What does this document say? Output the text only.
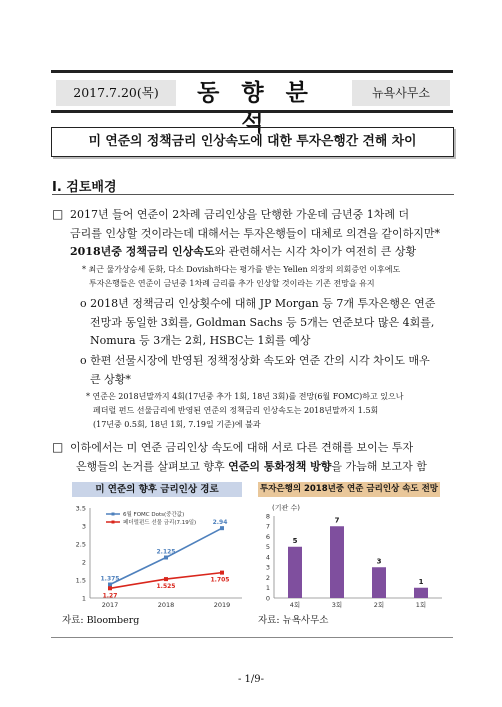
2017.7.20(목)	동 향 분 석
뉴욕사무소
미 연준의 정책금리 인상속도에 대한 투자은행간 견해 차이
Ⅰ. 검토배경
□ 2017년 들어 연준이 2차례 금리인상을 단행한 가운데 금년중 1차례 더
금리를 인상할 것이라는데 대해서는 투자은행들이 대체로 의견을 같이하지만*
2018년중 정책금리 인상속도와 관련해서는 시각 차이가 여전히 큰 상황
* 최근 물가상승세 둔화, 다소 Dovish하다는 평가를 받는 Yellen 의장의 의회증언 이후에도
투자은행들은 연준이 금년중 1차례 금리를 추가 인상할 것이라는 기존 전망을 유지
o 2018년 정책금리 인상횟수에 대해 JP Morgan 등 7개 투자은행은 연준
전망과 동일한 3회를, Goldman Sachs 등 5개는 연준보다 많은 4회를,
Nomura 등 3개는 2회, HSBC는 1회를 예상
o 한편 선물시장에 반영된 정책정상화 속도와 연준 간의 시각 차이도 매우
큰 상황*
* 연준은 2018년말까지 4회(17년중 추가 1회, 18년 3회)를 전망(6월 FOMC)하고 있으나
페더럴 펀드 선물금리에 반영된 연준의 정책금리 인상속도는 2018년말까지 1.5회
(17년중 0.5회, 18년 1회, 7.19일 기준)에 불과
□ 이하에서는 미 연준 금리인상 속도에 대해 서로 다른 견해를 보이는 투자
은행들의 논거를 살펴보고 향후 연준의 통화정책 방향을 가늠해 보고자 함
미 연준의 향후 금리인상 경로
1
1.5
2
2.5
3
3.5
2017	2018	2019
1.375
2.125
2.94
1.27
1.525
1.705
6월 FOMC Dots(중간값)
페더럴펀드 선물 금리(7.19일)
자료: Bloomberg
투자은행의 2018년중 연준 금리인상 속도 전망
(기관 수)
0
1
2
3
4
5
6
7
8
5
4회
7
3회
3
2회
1
1회
자료: 뉴욕사무소
- 1/9-
